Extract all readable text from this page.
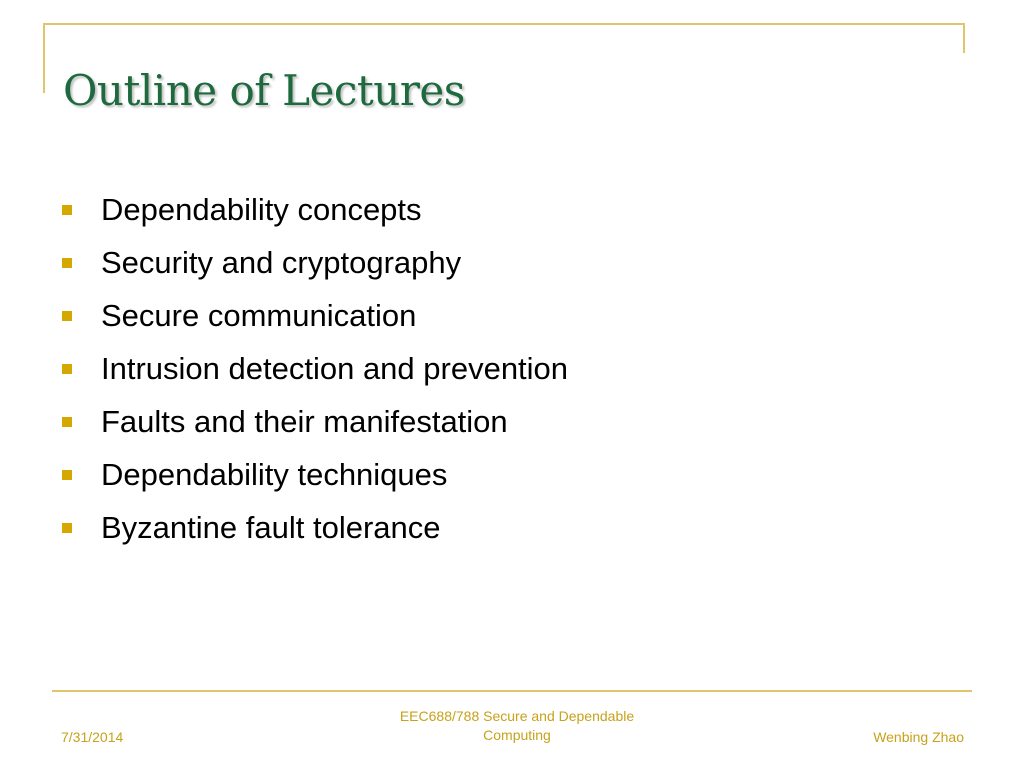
Outline of Lectures
Dependability concepts
Security and cryptography
Secure communication
Intrusion detection and prevention
Faults and their manifestation
Dependability techniques
Byzantine fault tolerance
7/31/2014
EEC688/788 Secure and Dependable
Computing	Wenbing Zhao
